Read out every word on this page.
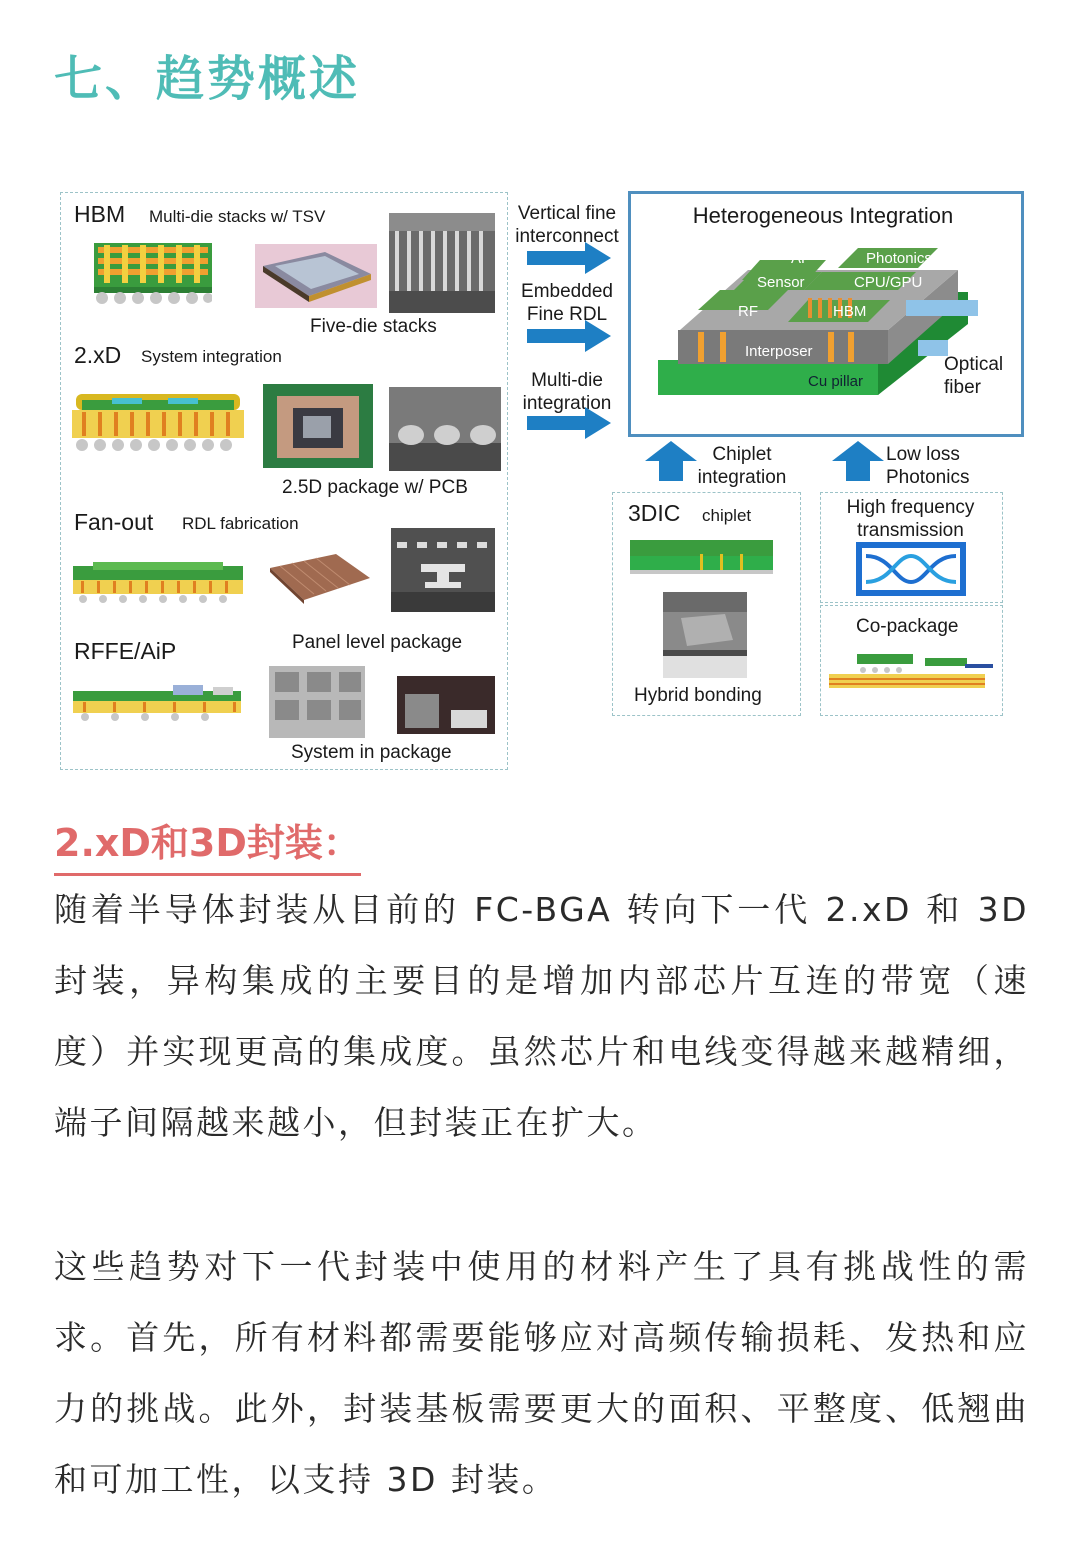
七、趋势概述
HBM Multi-die stacks w/ TSV
Five-die stacks
2.xD System integration
2.5D package w/ PCB
Fan-out RDL fabrication
Panel level package
RFFE/AiP
System in package
Vertical fine interconnect
Embedded Fine RDL
Multi-die integration
Heterogeneous Integration
AP	Photonics
Sensor	CPU/GPU
RF	HBM
Interposer
Cu pillar
Optical fiber
Chiplet integration
Low loss Photonics
3DIC chiplet
Hybrid bonding
High frequency transmission
Co-package
2.xD和3D封装：
随着半导体封装从目前的 FC-BGA 转向下一代 2.xD 和 3D 封装，异构集成的主要目的是增加内部芯片互连的带宽（速度）并实现更高的集成度。虽然芯片和电线变得越来越精细，端子间隔越来越小，但封装正在扩大。
这些趋势对下一代封装中使用的材料产生了具有挑战性的需求。首先，所有材料都需要能够应对高频传输损耗、发热和应力的挑战。此外，封装基板需要更大的面积、平整度、低翘曲和可加工性，以支持 3D 封装。
